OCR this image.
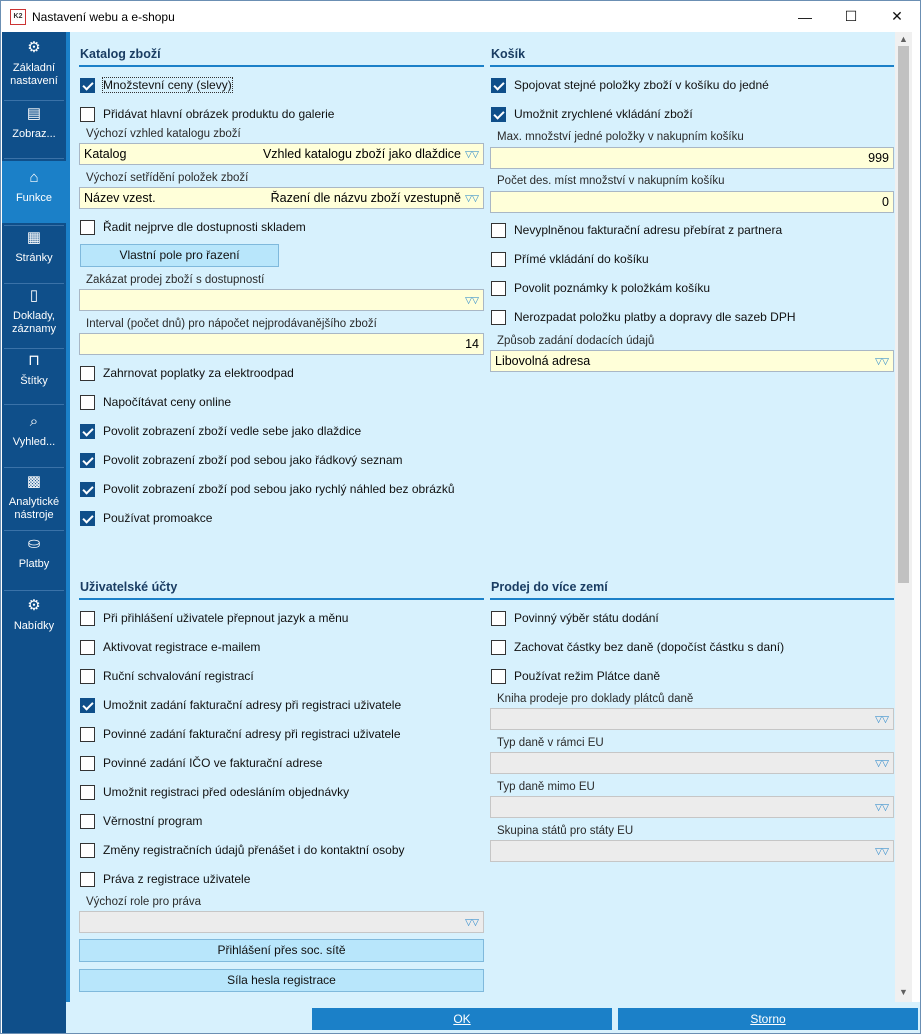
K2 Nastavení webu a e-shopu	—	☐	✕
⚙
Základní nastavení
▤
Zobraz...
⌂
Funkce
▦
Stránky
▯
Doklady, záznamy
⊓
Štítky
⌕
Vyhled...
▩
Analytické nástroje
⛀
Platby
⚙
Nabídky
Katalog zboží
Množstevní ceny (slevy)
Přidávat hlavní obrázek produktu do galerie
Výchozí vzhled katalogu zboží
Katalog	Vzhled katalogu zboží jako dlaždice ▽▽
Výchozí setřídění položek zboží
Název vzest.	Řazení dle názvu zboží vzestupně ▽▽
Řadit nejprve dle dostupnosti skladem
Vlastní pole pro řazení
Zakázat prodej zboží s dostupností
▽▽
Interval (počet dnů) pro nápočet nejprodávanějšího zboží
14
Zahrnovat poplatky za elektroodpad
Napočítávat ceny online
Povolit zobrazení zboží vedle sebe jako dlaždice
Povolit zobrazení zboží pod sebou jako řádkový seznam
Povolit zobrazení zboží pod sebou jako rychlý náhled bez obrázků
Používat promoakce
Košík
Spojovat stejné položky zboží v košíku do jedné
Umožnit zrychlené vkládání zboží
Max. množství jedné položky v nakupním košíku
999
Počet des. míst množství v nakupním košíku
0
Nevyplněnou fakturační adresu přebírat z partnera
Přímé vkládání do košíku
Povolit poznámky k položkám košíku
Nerozpadat položku platby a dopravy dle sazeb DPH
Způsob zadání dodacích údajů
Libovolná adresa	▽▽
Uživatelské účty
Při přihlášení uživatele přepnout jazyk a měnu
Aktivovat registrace e-mailem
Ruční schvalování registrací
Umožnit zadání fakturační adresy při registraci uživatele
Povinné zadání fakturační adresy při registraci uživatele
Povinné zadání IČO ve fakturační adrese
Umožnit registraci před odesláním objednávky
Věrnostní program
Změny registračních údajů přenášet i do kontaktní osoby
Práva z registrace uživatele
Výchozí role pro práva
▽▽
Přihlášení přes soc. sítě
Síla hesla registrace
Prodej do více zemí
Povinný výběr státu dodání
Zachovat částky bez daně (dopočíst částku s daní)
Používat režim Plátce daně
Kniha prodeje pro doklady plátců daně
▽▽
Typ daně v rámci EU
▽▽
Typ daně mimo EU
▽▽
Skupina států pro státy EU
▽▽
▲
▼
OK	Storno
